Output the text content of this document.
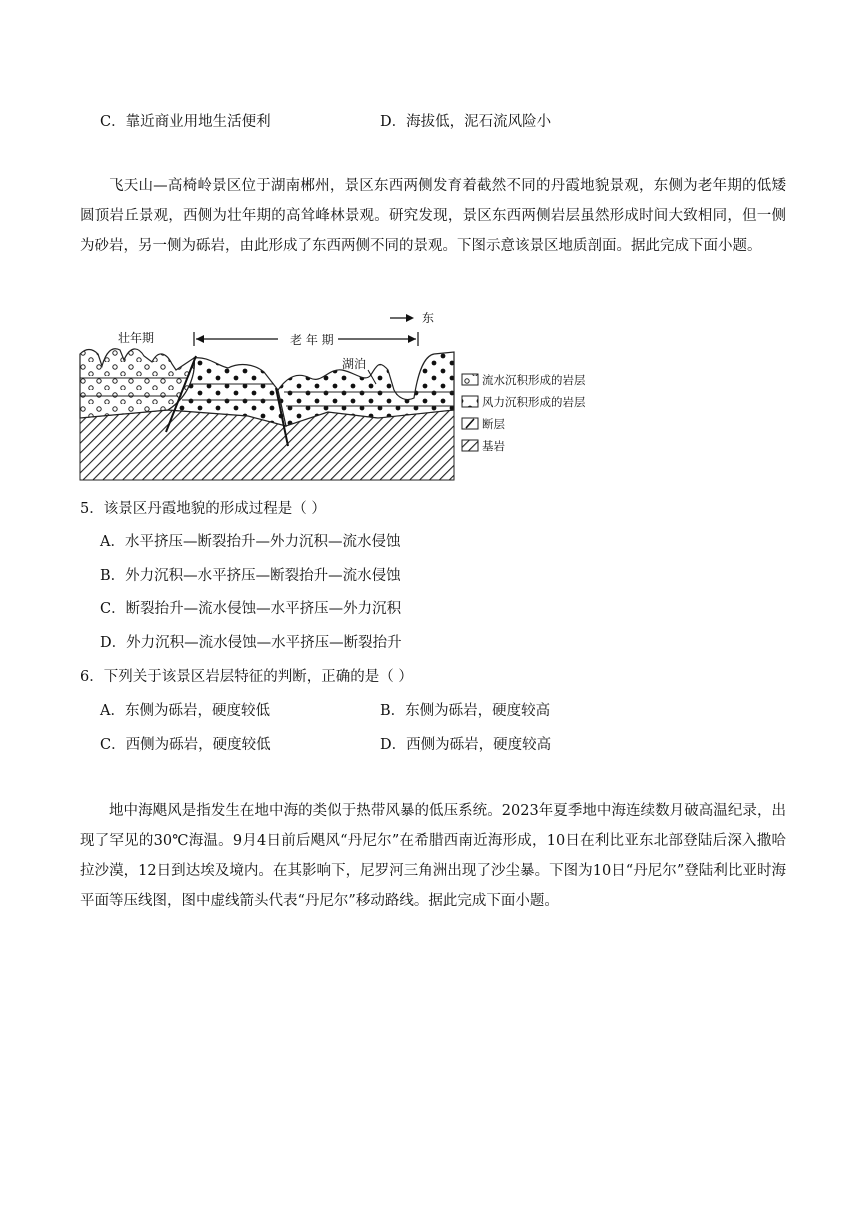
C．靠近商业用地生活便利	D．海拔低，泥石流风险小
飞天山—高椅岭景区位于湖南郴州，景区东西两侧发育着截然不同的丹霞地貌景观，东侧为老年期的低矮圆顶岩丘景观，西侧为壮年期的高耸峰林景观。研究发现，景区东西两侧岩层虽然形成时间大致相同，但一侧为砂岩，另一侧为砾岩，由此形成了东西两侧不同的景观。下图示意该景区地质剖面。据此完成下面小题。
壮年期	老 年 期
东
湖泊
流水沉积形成的岩层
风力沉积形成的岩层
断层
基岩
5．该景区丹霞地貌的形成过程是（ ）
A．水平挤压—断裂抬升—外力沉积—流水侵蚀
B．外力沉积—水平挤压—断裂抬升—流水侵蚀
C．断裂抬升—流水侵蚀—水平挤压—外力沉积
D．外力沉积—流水侵蚀—水平挤压—断裂抬升
6．下列关于该景区岩层特征的判断，正确的是（ ）
A．东侧为砾岩，硬度较低	B．东侧为砾岩，硬度较高
C．西侧为砾岩，硬度较低	D．西侧为砾岩，硬度较高
地中海飓风是指发生在地中海的类似于热带风暴的低压系统。2023年夏季地中海连续数月破高温纪录，出现了罕见的30℃海温。9月4日前后飓风“丹尼尔”在希腊西南近海形成，10日在利比亚东北部登陆后深入撒哈拉沙漠，12日到达埃及境内。在其影响下，尼罗河三角洲出现了沙尘暴。下图为10日“丹尼尔”登陆利比亚时海平面等压线图，图中虚线箭头代表“丹尼尔”移动路线。据此完成下面小题。
